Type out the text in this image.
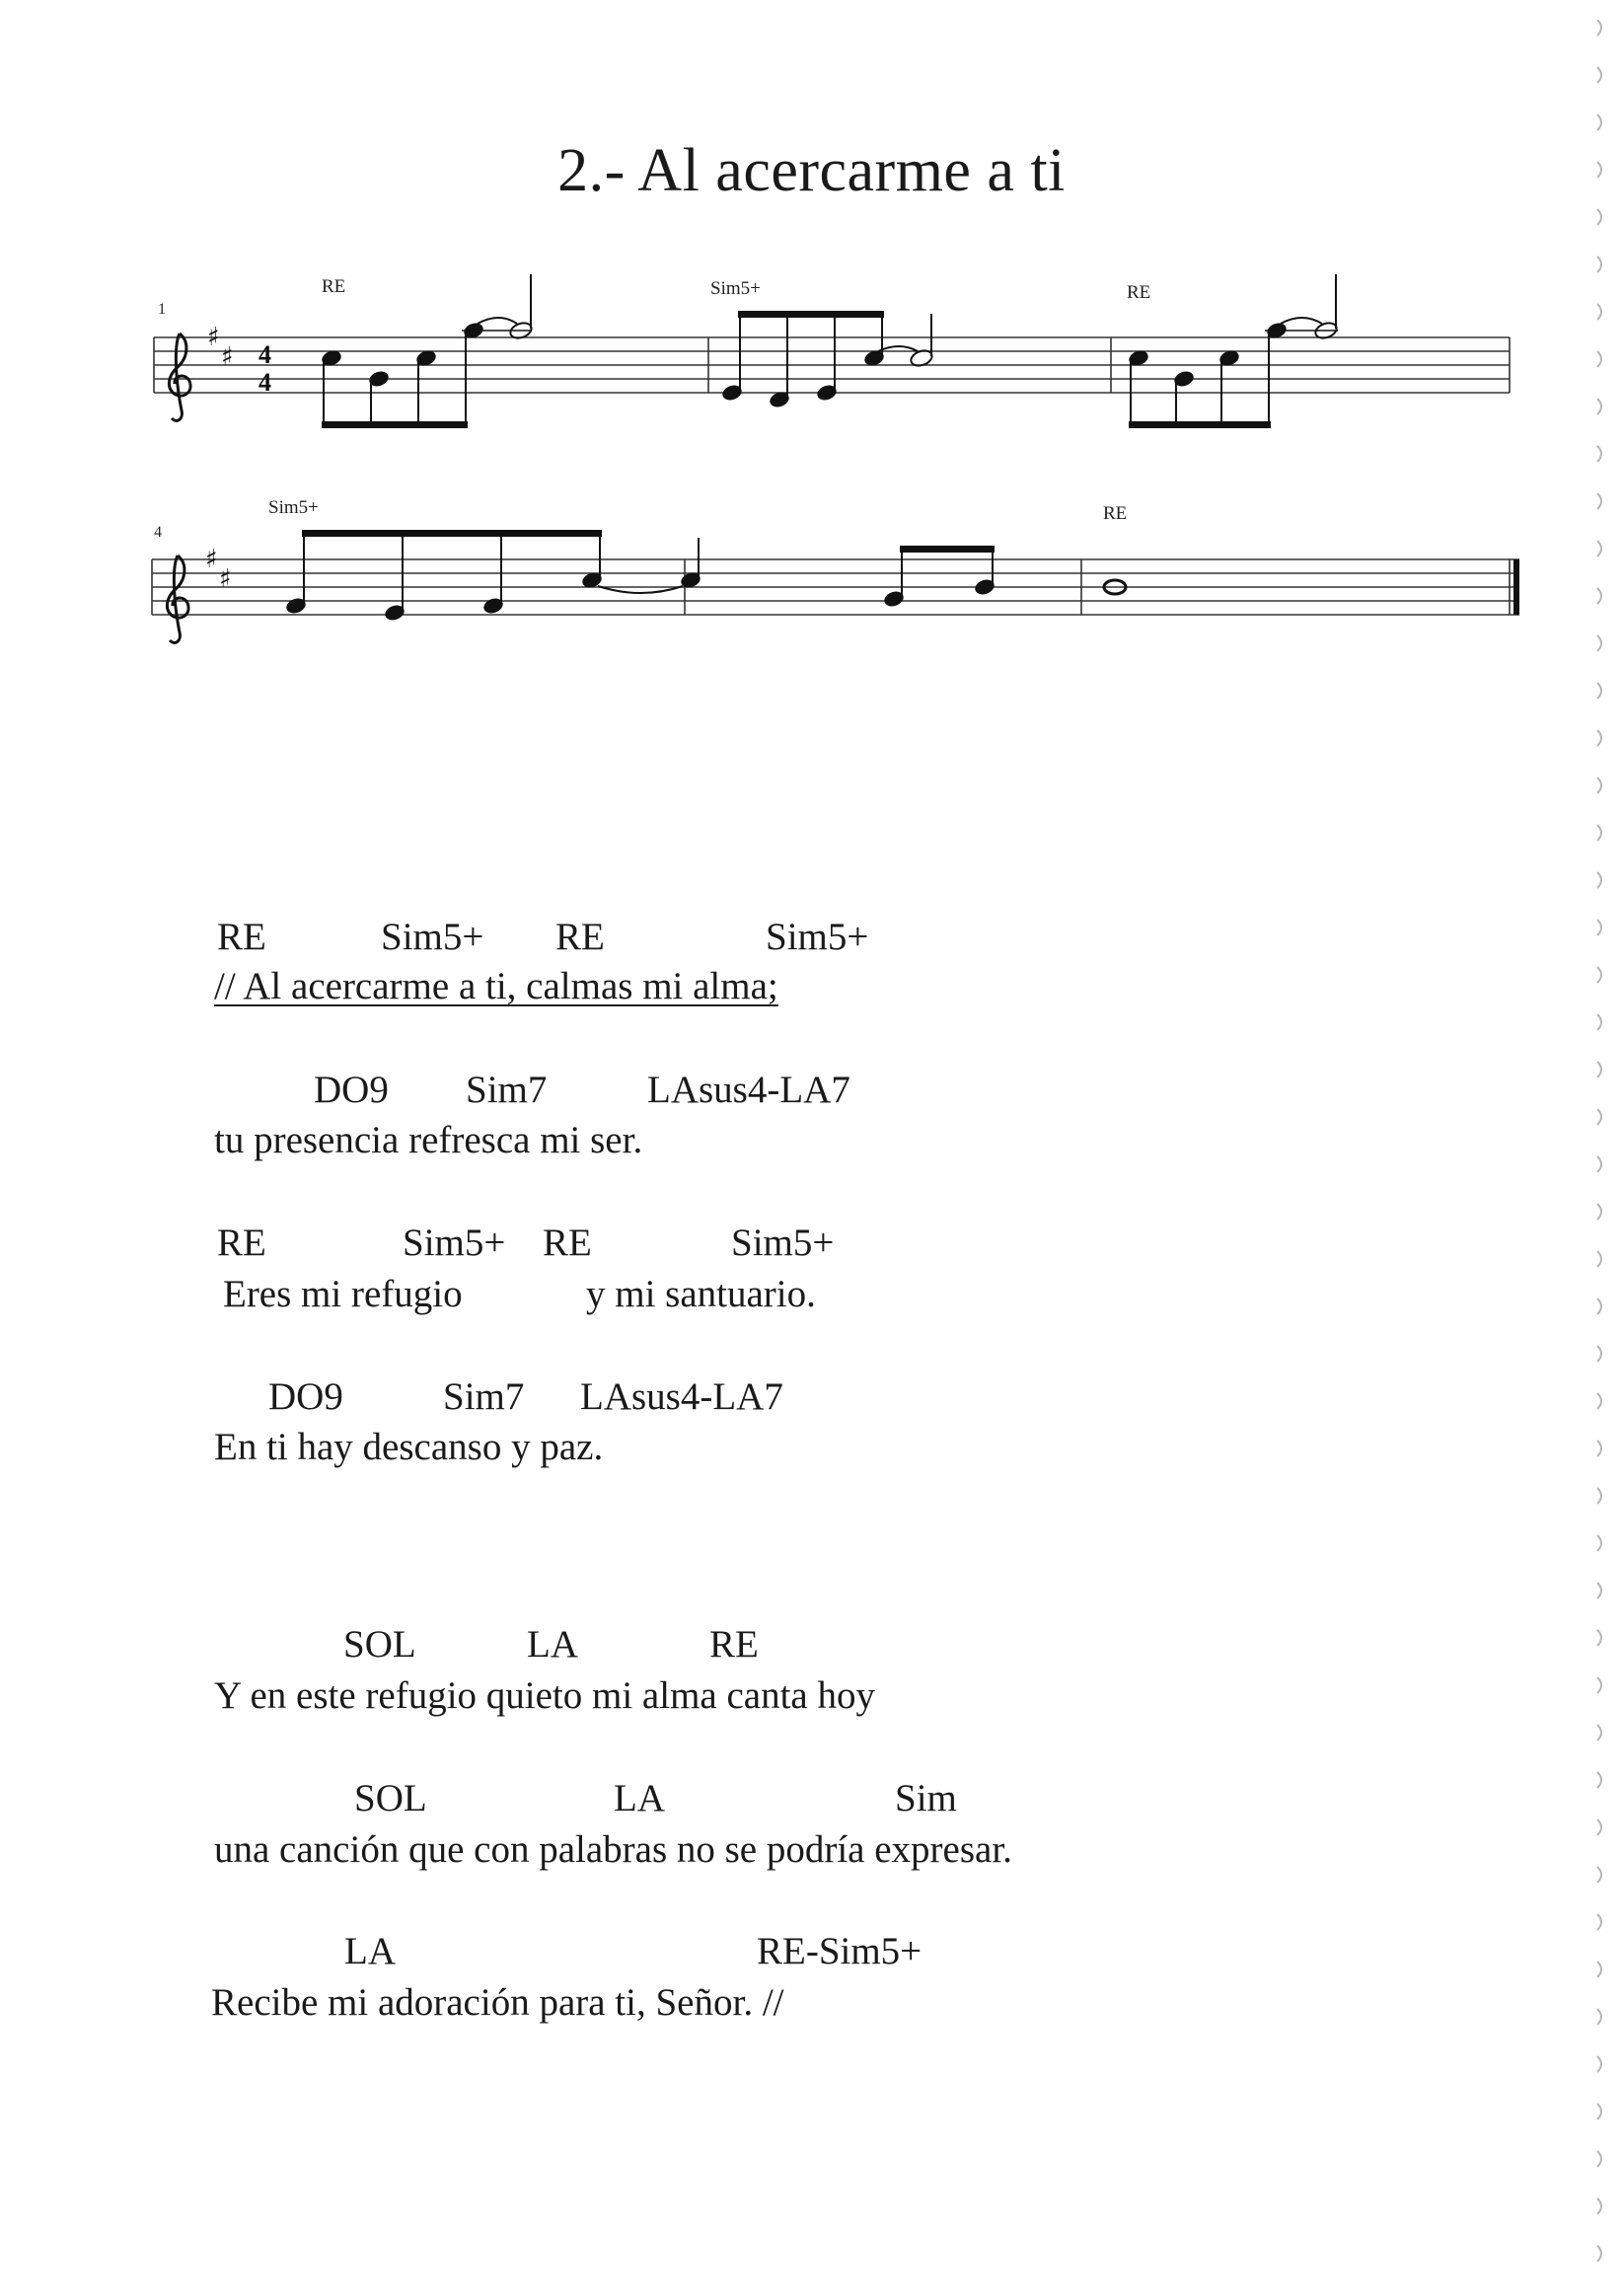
2.- Al acercarme a ti
1
♯
♯ 4
4
RE	Sim5+	RE
4
♯
♯
Sim5+	RE
RE	Sim5+ RE	Sim5+
// Al acercarme a ti, calmas mi alma;
DO9 Sim7	LAsus4-LA7
tu presencia refresca mi ser.
RE	Sim5+ RE	Sim5+
Eres mi refugio	y mi santuario.
DO9	Sim7 LAsus4-LA7
En ti hay descanso y paz.
SOL	LA	RE
Y en este refugio quieto mi alma canta hoy
SOL	LA	Sim
una canción que con palabras no se podría expresar.
LA	RE-Sim5+
Recibe mi adoración para ti, Señor. //
